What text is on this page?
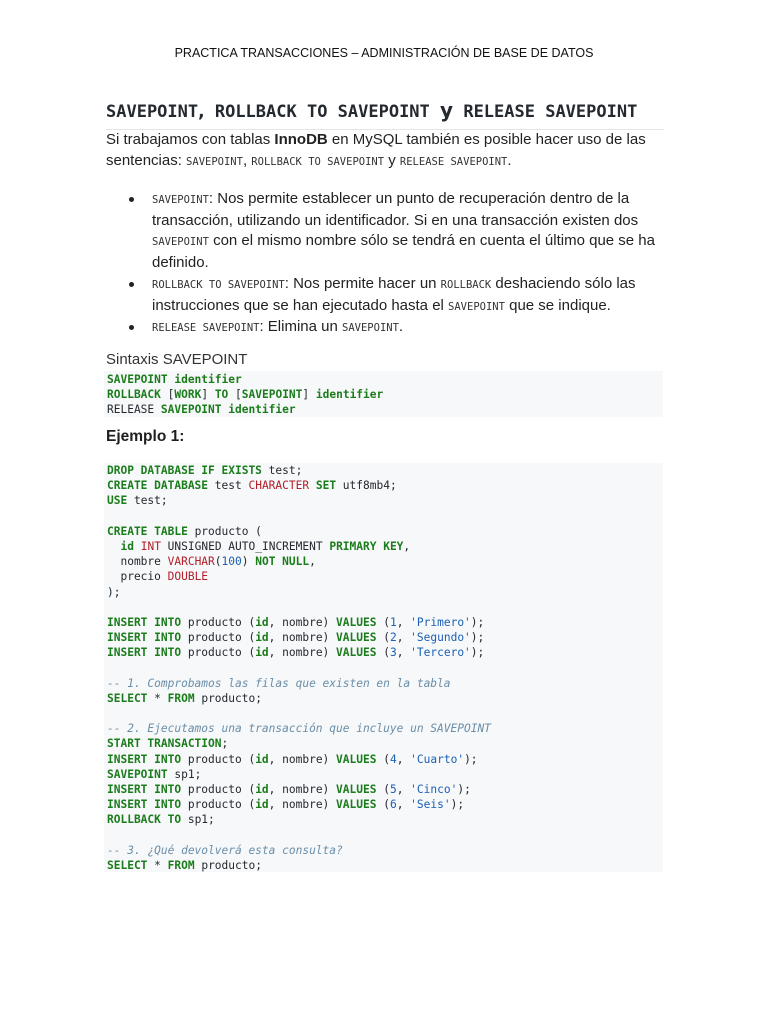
PRACTICA TRANSACCIONES – ADMINISTRACIÓN DE BASE DE DATOS
SAVEPOINT, ROLLBACK TO SAVEPOINT y RELEASE SAVEPOINT
Si trabajamos con tablas InnoDB en MySQL también es posible hacer uso de las sentencias: SAVEPOINT, ROLLBACK TO SAVEPOINT y RELEASE SAVEPOINT.
SAVEPOINT: Nos permite establecer un punto de recuperación dentro de la transacción, utilizando un identificador. Si en una transacción existen dos SAVEPOINT con el mismo nombre sólo se tendrá en cuenta el último que se ha definido.
ROLLBACK TO SAVEPOINT: Nos permite hacer un ROLLBACK deshaciendo sólo las instrucciones que se han ejecutado hasta el SAVEPOINT que se indique.
RELEASE SAVEPOINT: Elimina un SAVEPOINT.
Sintaxis SAVEPOINT
SAVEPOINT identifier
ROLLBACK [WORK] TO [SAVEPOINT] identifier
RELEASE SAVEPOINT identifier
Ejemplo 1:
DROP DATABASE IF EXISTS test;
CREATE DATABASE test CHARACTER SET utf8mb4;
USE test;

CREATE TABLE producto (
id INT UNSIGNED AUTO_INCREMENT PRIMARY KEY,
nombre VARCHAR(100) NOT NULL,
precio DOUBLE
);

INSERT INTO producto (id, nombre) VALUES (1, 'Primero');
INSERT INTO producto (id, nombre) VALUES (2, 'Segundo');
INSERT INTO producto (id, nombre) VALUES (3, 'Tercero');

-- 1. Comprobamos las filas que existen en la tabla
SELECT * FROM producto;

-- 2. Ejecutamos una transacción que incluye un SAVEPOINT
START TRANSACTION;
INSERT INTO producto (id, nombre) VALUES (4, 'Cuarto');
SAVEPOINT sp1;
INSERT INTO producto (id, nombre) VALUES (5, 'Cinco');
INSERT INTO producto (id, nombre) VALUES (6, 'Seis');
ROLLBACK TO sp1;

-- 3. ¿Qué devolverá esta consulta?
SELECT * FROM producto;
